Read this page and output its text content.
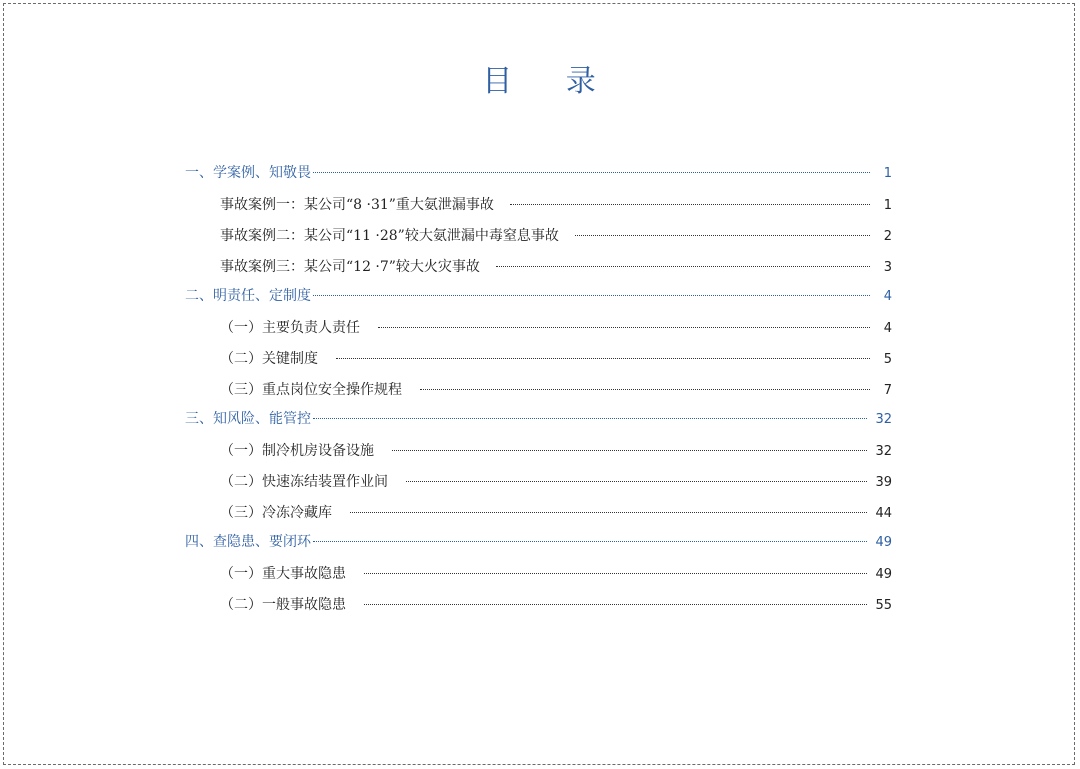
目 录
一、学案例、知敬畏	1
事故案例一：某公司“8 ·31”重大氨泄漏事故	1
事故案例二：某公司“11 ·28”较大氨泄漏中毒窒息事故	2
事故案例三：某公司“12 ·7”较大火灾事故	3
二、明责任、定制度	4
（一）主要负责人责任	4
（二）关键制度	5
（三）重点岗位安全操作规程	7
三、知风险、能管控	32
（一）制冷机房设备设施	32
（二）快速冻结装置作业间	39
（三）冷冻冷藏库	44
四、查隐患、要闭环	49
（一）重大事故隐患	49
（二）一般事故隐患	55
